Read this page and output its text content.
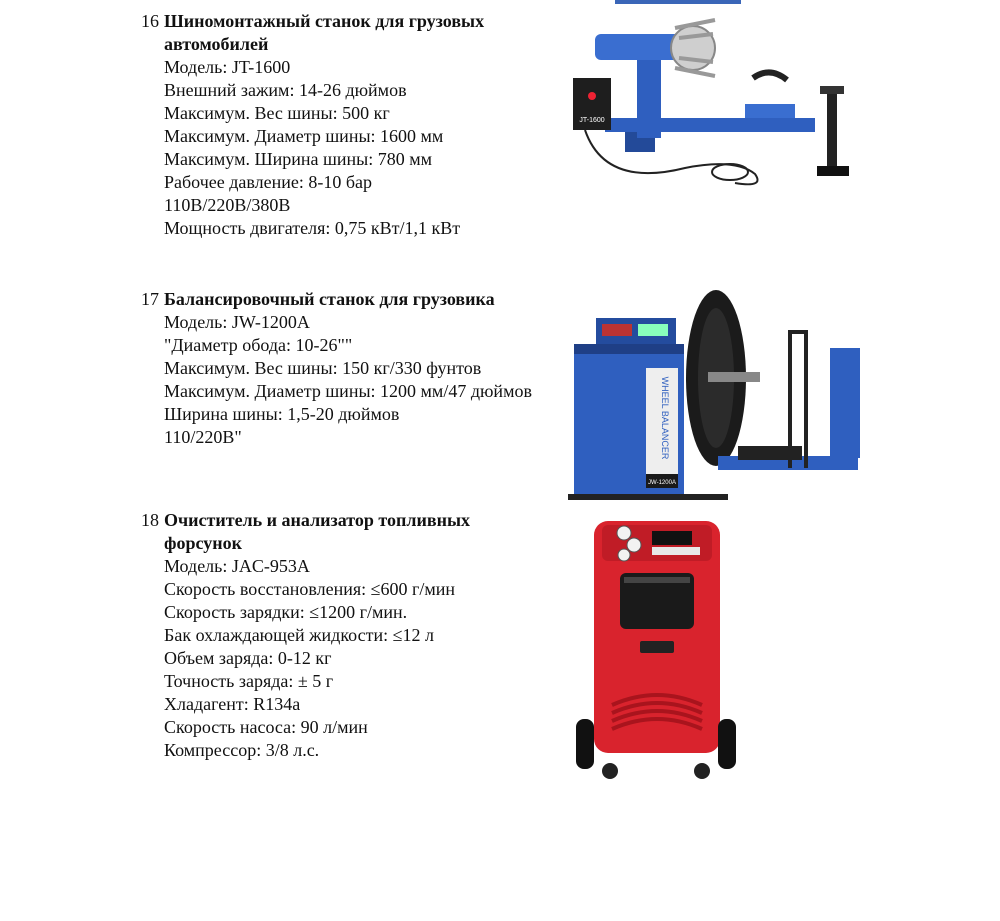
16 Шиномонтажный станок для грузовых
автомобилей
Модель: JT-1600
Внешний зажим: 14-26 дюймов
Максимум. Вес шины: 500 кг
Максимум. Диаметр шины: 1600 мм
Максимум. Ширина шины: 780 мм
Рабочее давление: 8-10 бар
110В/220В/380В
Мощность двигателя: 0,75 кВт/1,1 кВт
JT-1600
17 Балансировочный станок для грузовика
Модель: JW-1200A
"Диаметр обода: 10-26""
Максимум. Вес шины: 150 кг/330 фунтов
Максимум. Диаметр шины: 1200 мм/47 дюймов
Ширина шины: 1,5-20 дюймов
110/220В"	WHEEL BALANCER
JW-1200A
18 Очиститель и анализатор топливных
форсунок
Модель: JAC-953A
Скорость восстановления: ≤600 г/мин
Скорость зарядки: ≤1200 г/мин.
Бак охлаждающей жидкости: ≤12 л
Объем заряда: 0-12 кг
Точность заряда: ± 5 г
Хладагент: R134a
Скорость насоса: 90 л/мин
Компрессор: 3/8 л.с.
